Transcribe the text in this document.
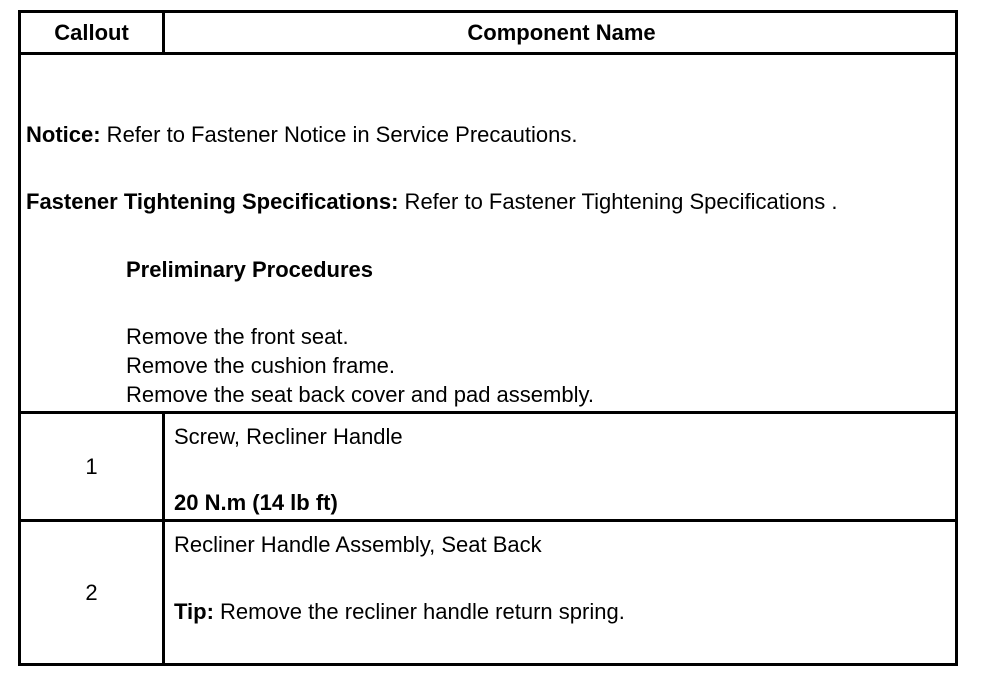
Callout	Component Name
Notice: Refer to Fastener Notice in Service Precautions.
Fastener Tightening Specifications: Refer to Fastener Tightening Specifications .
Preliminary Procedures
Remove the front seat.
Remove the cushion frame.
Remove the seat back cover and pad assembly.
1
Screw, Recliner Handle
20 N.m (14 lb ft)
2
Recliner Handle Assembly, Seat Back
Tip: Remove the recliner handle return spring.
